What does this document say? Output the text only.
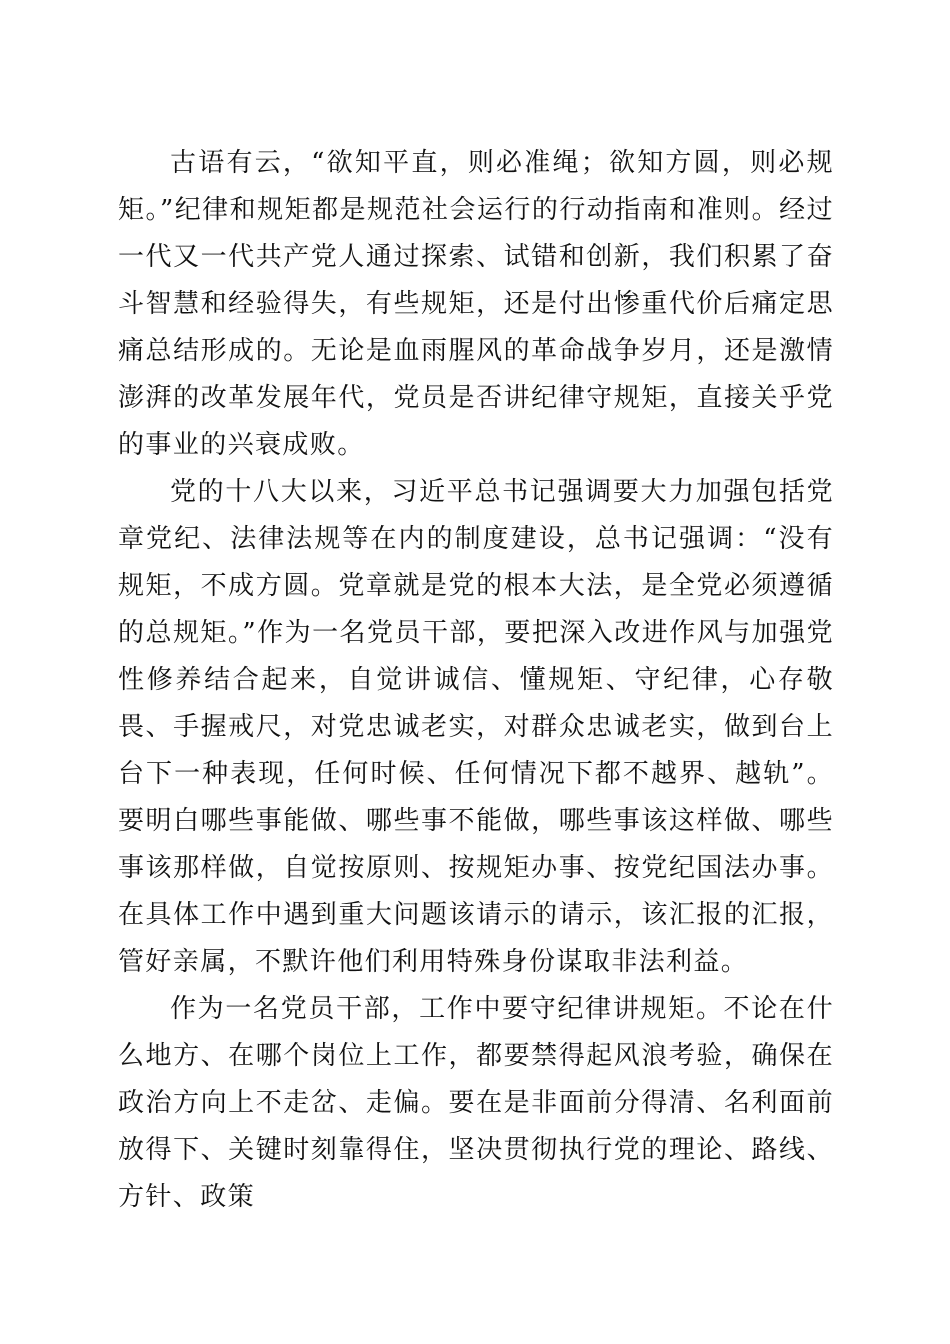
古语有云，“欲知平直，则必准绳；欲知方圆，则必规矩。”纪律和规矩都是规范社会运行的行动指南和准则。经过一代又一代共产党人通过探索、试错和创新，我们积累了奋斗智慧和经验得失，有些规矩，还是付出惨重代价后痛定思痛总结形成的。无论是血雨腥风的革命战争岁月，还是激情澎湃的改革发展年代，党员是否讲纪律守规矩，直接关乎党的事业的兴衰成败。

党的十八大以来，习近平总书记强调要大力加强包括党章党纪、法律法规等在内的制度建设，总书记强调：“没有规矩，不成方圆。党章就是党的根本大法，是全党必须遵循的总规矩。”作为一名党员干部，要把深入改进作风与加强党性修养结合起来，自觉讲诚信、懂规矩、守纪律，心存敬畏、手握戒尺，对党忠诚老实，对群众忠诚老实，做到台上台下一种表现，任何时候、任何情况下都不越界、越轨”。要明白哪些事能做、哪些事不能做，哪些事该这样做、哪些事该那样做，自觉按原则、按规矩办事、按党纪国法办事。在具体工作中遇到重大问题该请示的请示，该汇报的汇报，管好亲属，不默许他们利用特殊身份谋取非法利益。

作为一名党员干部，工作中要守纪律讲规矩。不论在什么地方、在哪个岗位上工作，都要禁得起风浪考验，确保在政治方向上不走岔、走偏。要在是非面前分得清、名利面前放得下、关键时刻靠得住，坚决贯彻执行党的理论、路线、方针、政策
